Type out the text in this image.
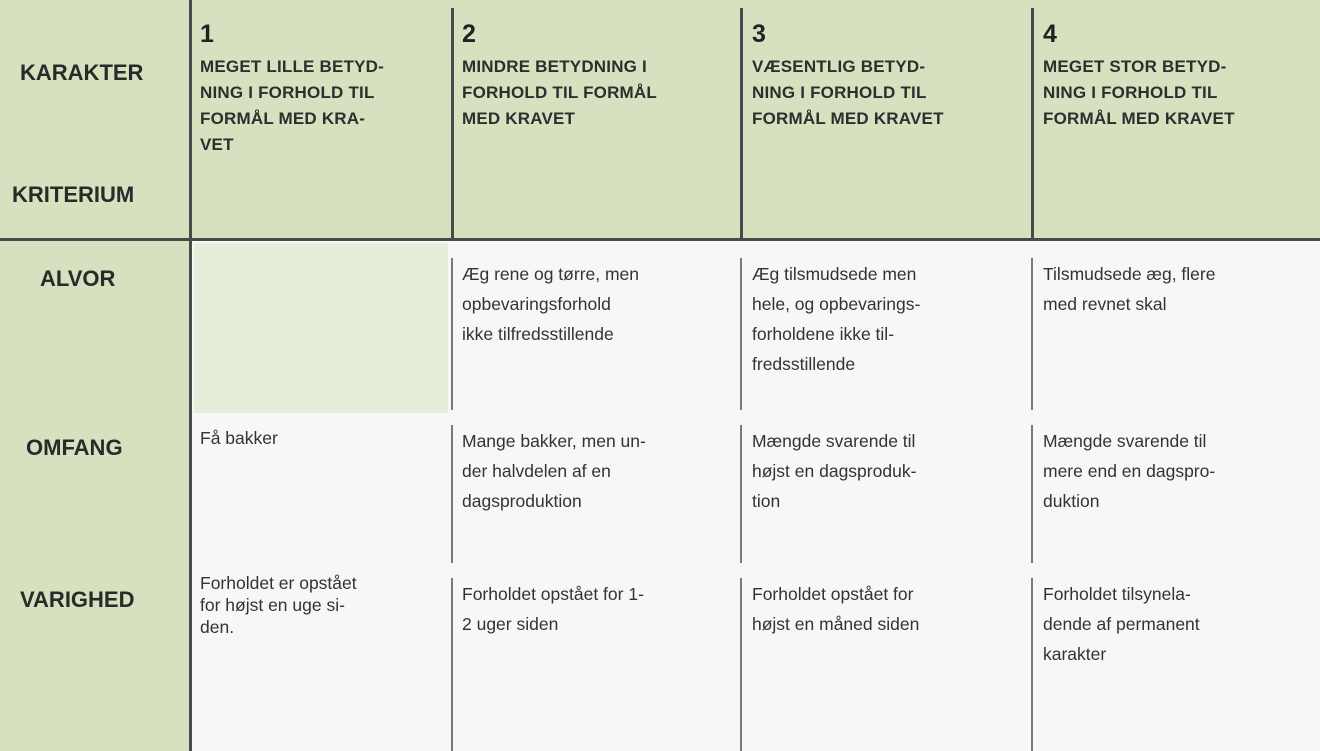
KARAKTER
KRITERIUM
1
MEGET LILLE BETYD-
NING I FORHOLD TIL
FORMÅL MED KRA-
VET
2
MINDRE BETYDNING I
FORHOLD TIL FORMÅL
MED KRAVET
3
VÆSENTLIG BETYD-
NING I FORHOLD TIL
FORMÅL MED KRAVET
4
MEGET STOR BETYD-
NING I FORHOLD TIL
FORMÅL MED KRAVET
ALVOR
OMFANG
VARIGHED
Æg rene og tørre, men
opbevaringsforhold
ikke tilfredsstillende
Æg tilsmudsede men
hele, og opbevarings-
forholdene ikke til-
fredsstillende
Tilsmudsede æg, flere
med revnet skal
Få bakker	Mange bakker, men un-
der halvdelen af en
dagsproduktion
Mængde svarende til
højst en dagsproduk-
tion
Mængde svarende til
mere end en dagspro-
duktion
Forholdet er opstået
for højst en uge si-
den.
Forholdet opstået for 1-
2 uger siden
Forholdet opstået for
højst en måned siden
Forholdet tilsynela-
dende af permanent
karakter
